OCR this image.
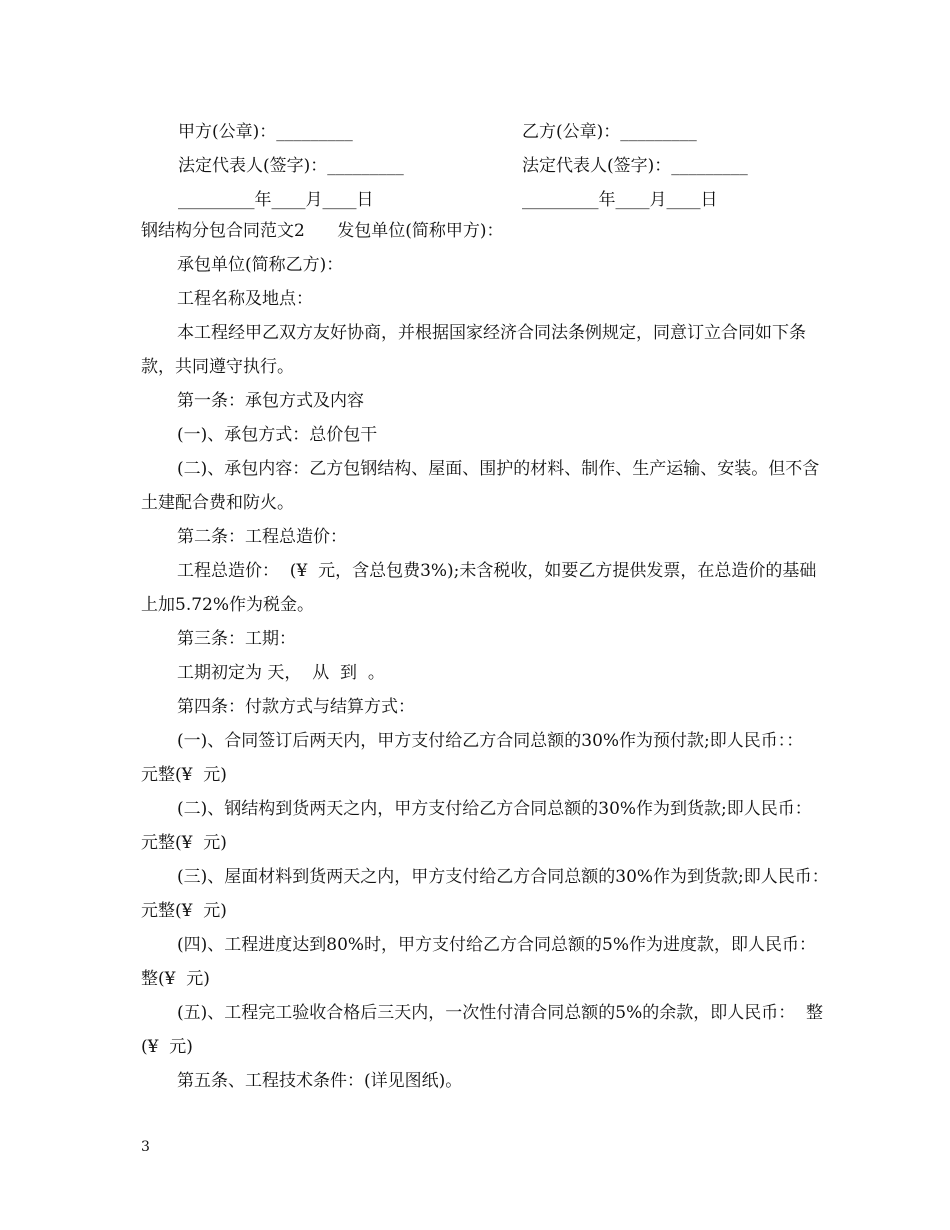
甲方(公章)：_________	乙方(公章)：_________
法定代表人(签字)：_________	法定代表人(签字)：_________
_________年____月____日	_________年____月____日

钢结构分包合同范文2      发包单位(简称甲方)：

承包单位(简称乙方)：

工程名称及地点：

本工程经甲乙双方友好协商，并根据国家经济合同法条例规定，同意订立合同如下条款，共同遵守执行。

第一条：承包方式及内容

(一)、承包方式：总价包干

(二)、承包内容：乙方包钢结构、屋面、围护的材料、制作、生产运输、安装。但不含土建配合费和防火。

第二条：工程总造价：

工程总造价：  (¥  元，含总包费3%);未含税收，如要乙方提供发票，在总造价的基础上加5.72%作为税金。

第三条：工期：

工期初定为 天，  从  到  。

第四条：付款方式与结算方式：

(一)、合同签订后两天内，甲方支付给乙方合同总额的30%作为预付款;即人民币：：  元整(¥  元)

(二)、钢结构到货两天之内，甲方支付给乙方合同总额的30%作为到货款;即人民币：  元整(¥  元)

(三)、屋面材料到货两天之内，甲方支付给乙方合同总额的30%作为到货款;即人民币：  元整(¥  元)

(四)、工程进度达到80%时，甲方支付给乙方合同总额的5%作为进度款，即人民币：  整(¥  元)

(五)、工程完工验收合格后三天内，一次性付清合同总额的5%的余款，即人民币：  整(¥  元)

第五条、工程技术条件：(详见图纸)。

3
